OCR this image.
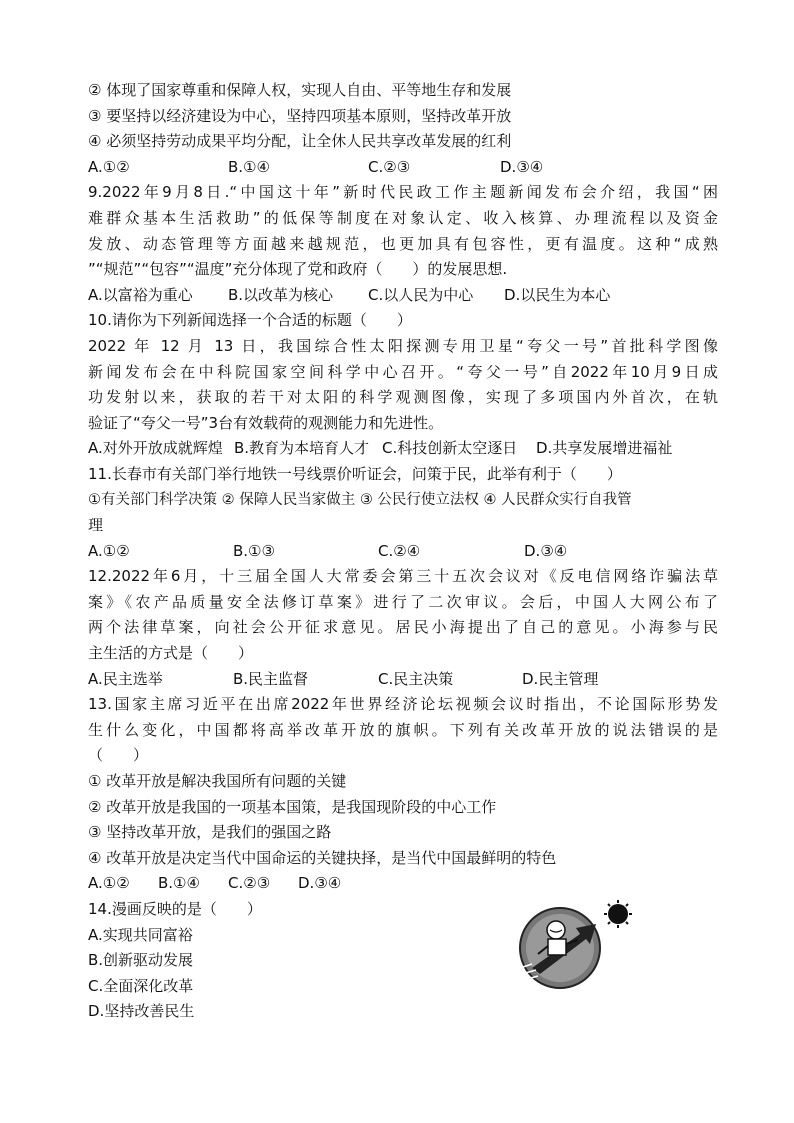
② 体现了国家尊重和保障人权，实现人自由、平等地生存和发展
③ 要坚持以经济建设为中心，坚持四项基本原则，坚持改革开放
④ 必须坚持劳动成果平均分配，让全休人民共享改革发展的红利
A.①②	B.①④	C.②③	D.③④
9.2022年9月8日.“中国这十年”新时代民政工作主题新闻发布会介绍，我国“困
难群众基本生活救助”的低保等制度在对象认定、收入核算、办理流程以及资金
发放、动态管理等方面越来越规范，也更加具有包容性，更有温度。这种“成熟
”“规范”“包容”“温度”充分体现了党和政府（　　）的发展思想.
A.以富裕为重心	B.以改革为核心	C.以人民为中心	D.以民生为本心
10.请你为下列新闻选择一个合适的标题（　　）
2022 年 12 月 13 日，我国综合性太阳探测专用卫星“夸父一号”首批科学图像
新闻发布会在中科院国家空间科学中心召开。“夸父一号”自2022年10月9日成
功发射以来，获取的若干对太阳的科学观测图像，实现了多项国内外首次，在轨
验证了“夸父一号”3台有效载荷的观测能力和先进性。
A.对外开放成就辉煌 B.教育为本培育人才 C.科技创新太空逐日	D.共享发展增进福祉
11.长春市有关部门举行地铁一号线票价听证会，问策于民，此举有利于（　　）
①有关部门科学决策 ② 保障人民当家做主 ③ 公民行使立法权 ④ 人民群众实行自我管
理
A.①②	B.①③	C.②④	D.③④
12.2022年6月，十三届全国人大常委会第三十五次会议对《反电信网络诈骗法草
案》《农产品质量安全法修订草案》进行了二次审议。会后，中国人大网公布了
两个法律草案，向社会公开征求意见。居民小海提出了自己的意见。小海参与民
主生活的方式是（　　）
A.民主选举	B.民主监督	C.民主决策	D.民主管理
13.国家主席习近平在出席2022年世界经济论坛视频会议时指出，不论国际形势发
生什么变化，中国都将高举改革开放的旗帜。下列有关改革开放的说法错误的是
（　　）
① 改革开放是解决我国所有问题的关键
② 改革开放是我国的一项基本国策，是我国现阶段的中心工作
③ 坚持改革开放，是我们的强国之路
④ 改革开放是决定当代中国命运的关键抉择，是当代中国最鲜明的特色
A.①②	B.①④	C.②③	D.③④
14.漫画反映的是（　　）
A.实现共同富裕
B.创新驱动发展
C.全面深化改革
D.坚持改善民生
